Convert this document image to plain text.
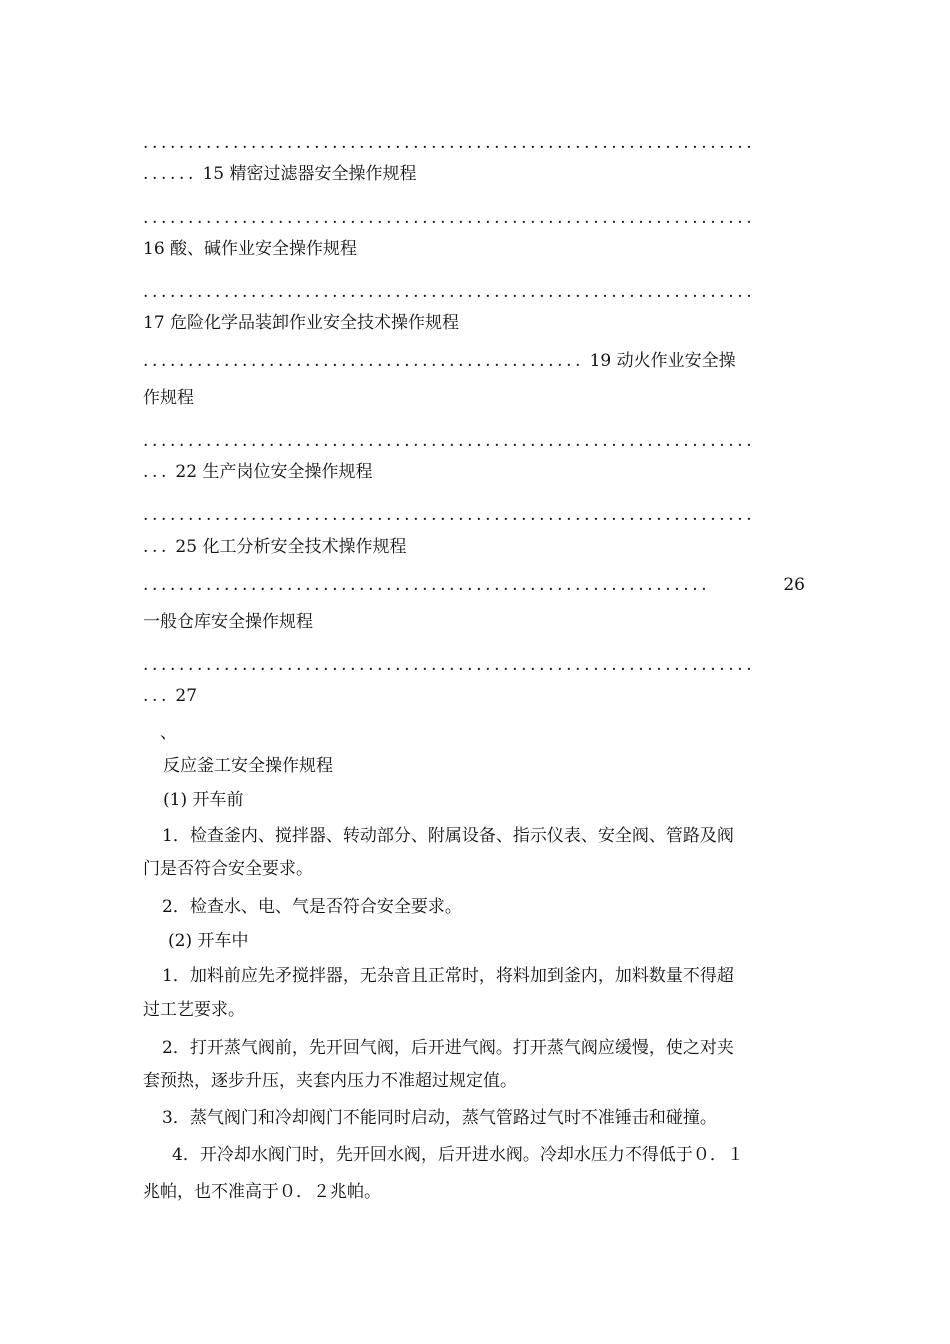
....................................................................
...... 15 精密过滤器安全操作规程
....................................................................
16 酸、碱作业安全操作规程
....................................................................
17 危险化学品装卸作业安全技术操作规程
................................................. 19 动火作业安全操
作规程
....................................................................
... 22 生产岗位安全操作规程
....................................................................
... 25 化工分析安全技术操作规程
...............................................................	26
一般仓库安全操作规程
....................................................................
... 27
、
反应釜工安全操作规程
(1) 开车前
1．检查釜内、搅拌器、转动部分、附属设备、指示仪表、安全阀、管路及阀
门是否符合安全要求。
2．检查水、电、气是否符合安全要求。
(2) 开车中
1．加料前应先矛搅拌器，无杂音且正常时，将料加到釜内，加料数量不得超
过工艺要求。
2．打开蒸气阀前，先开回气阀，后开进气阀。打开蒸气阀应缓慢，使之对夹
套预热，逐步升压，夹套内压力不准超过规定值。
3．蒸气阀门和冷却阀门不能同时启动，蒸气管路过气时不准锤击和碰撞。
4．开冷却水阀门时，先开回水阀，后开进水阀。冷却水压力不得低于０．１
兆帕，也不准高于０．２兆帕。
